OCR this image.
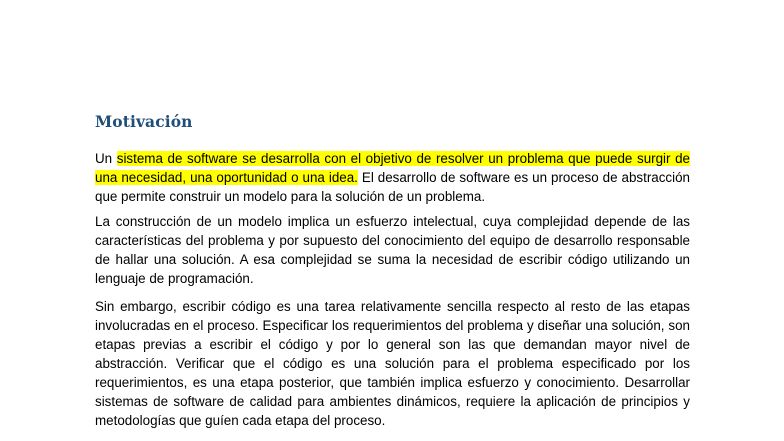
Motivación

Un sistema de software se desarrolla con el objetivo de resolver un problema que puede surgir de una necesidad, una oportunidad o una idea. El desarrollo de software es un proceso de abstracción que permite construir un modelo para la solución de un problema.

La construcción de un modelo implica un esfuerzo intelectual, cuya complejidad depende de las características del problema y por supuesto del conocimiento del equipo de desarrollo responsable de hallar una solución. A esa complejidad se suma la necesidad de escribir código utilizando un lenguaje de programación.

Sin embargo, escribir código es una tarea relativamente sencilla respecto al resto de las etapas involucradas en el proceso. Especificar los requerimientos del problema y diseñar una solución, son etapas previas a escribir el código y por lo general son las que demandan mayor nivel de abstracción. Verificar que el código es una solución para el problema especificado por los requerimientos, es una etapa posterior, que también implica esfuerzo y conocimiento. Desarrollar sistemas de software de calidad para ambientes dinámicos, requiere la aplicación de principios y metodologías que guíen cada etapa del proceso.
